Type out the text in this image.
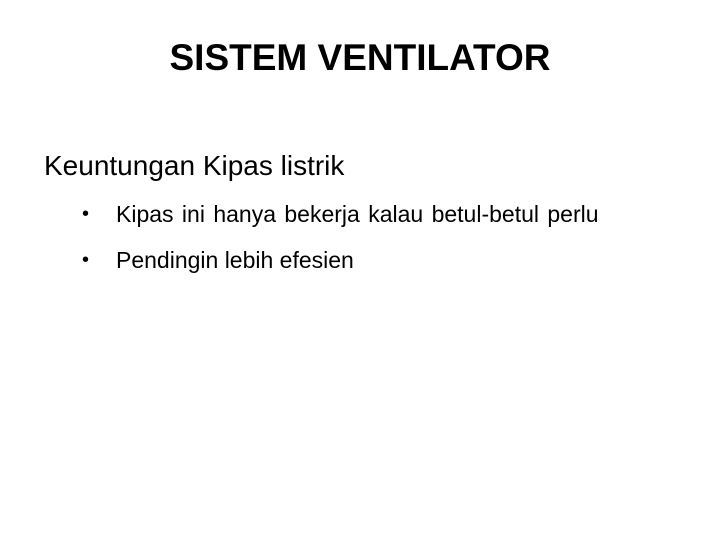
SISTEM VENTILATOR
Keuntungan Kipas listrik
• Kipas ini hanya bekerja kalau betul-betul perlu
• Pendingin lebih efesien
